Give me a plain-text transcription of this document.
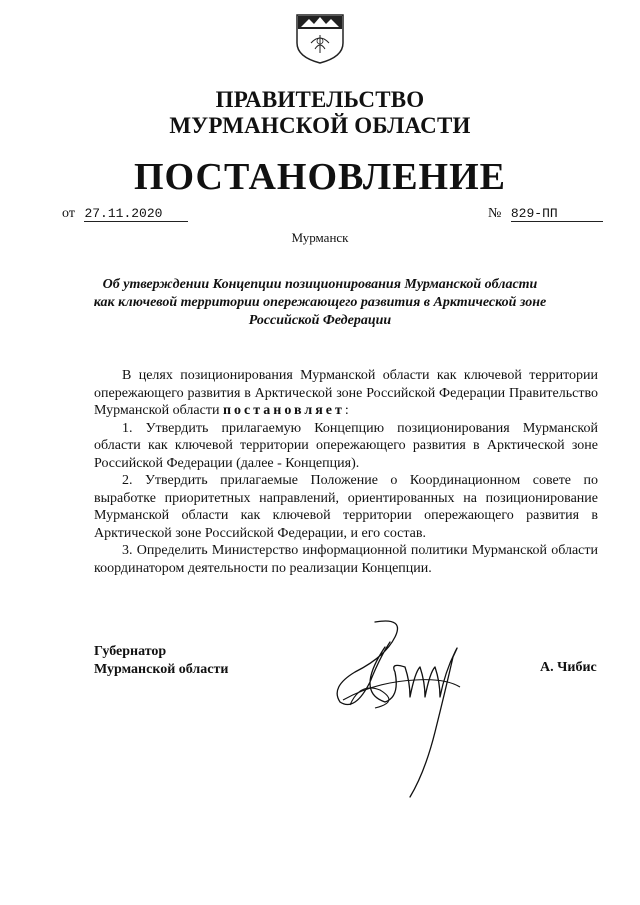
ПРАВИТЕЛЬСТВО
МУРМАНСКОЙ ОБЛАСТИ
ПОСТАНОВЛЕНИЕ
от 27.11.2020	№ 829-ПП
Мурманск
Об утверждении Концепции позиционирования Мурманской области
как ключевой территории опережающего развития в Арктической зоне
Российской Федерации

В целях позиционирования Мурманской области как ключевой территории опережающего развития в Арктической зоне Российской Федерации Правительство Мурманской области постановляет:

1. Утвердить прилагаемую Концепцию позиционирования Мурманской области как ключевой территории опережающего развития в Арктической зоне Российской Федерации (далее - Концепция).

2. Утвердить прилагаемые Положение о Координационном совете по выработке приоритетных направлений, ориентированных на позиционирование Мурманской области как ключевой территории опережающего развития в Арктической зоне Российской Федерации, и его состав.

3. Определить Министерство информационной политики Мурманской области координатором деятельности по реализации Концепции.

Губернатор
Мурманской области	А. Чибис
